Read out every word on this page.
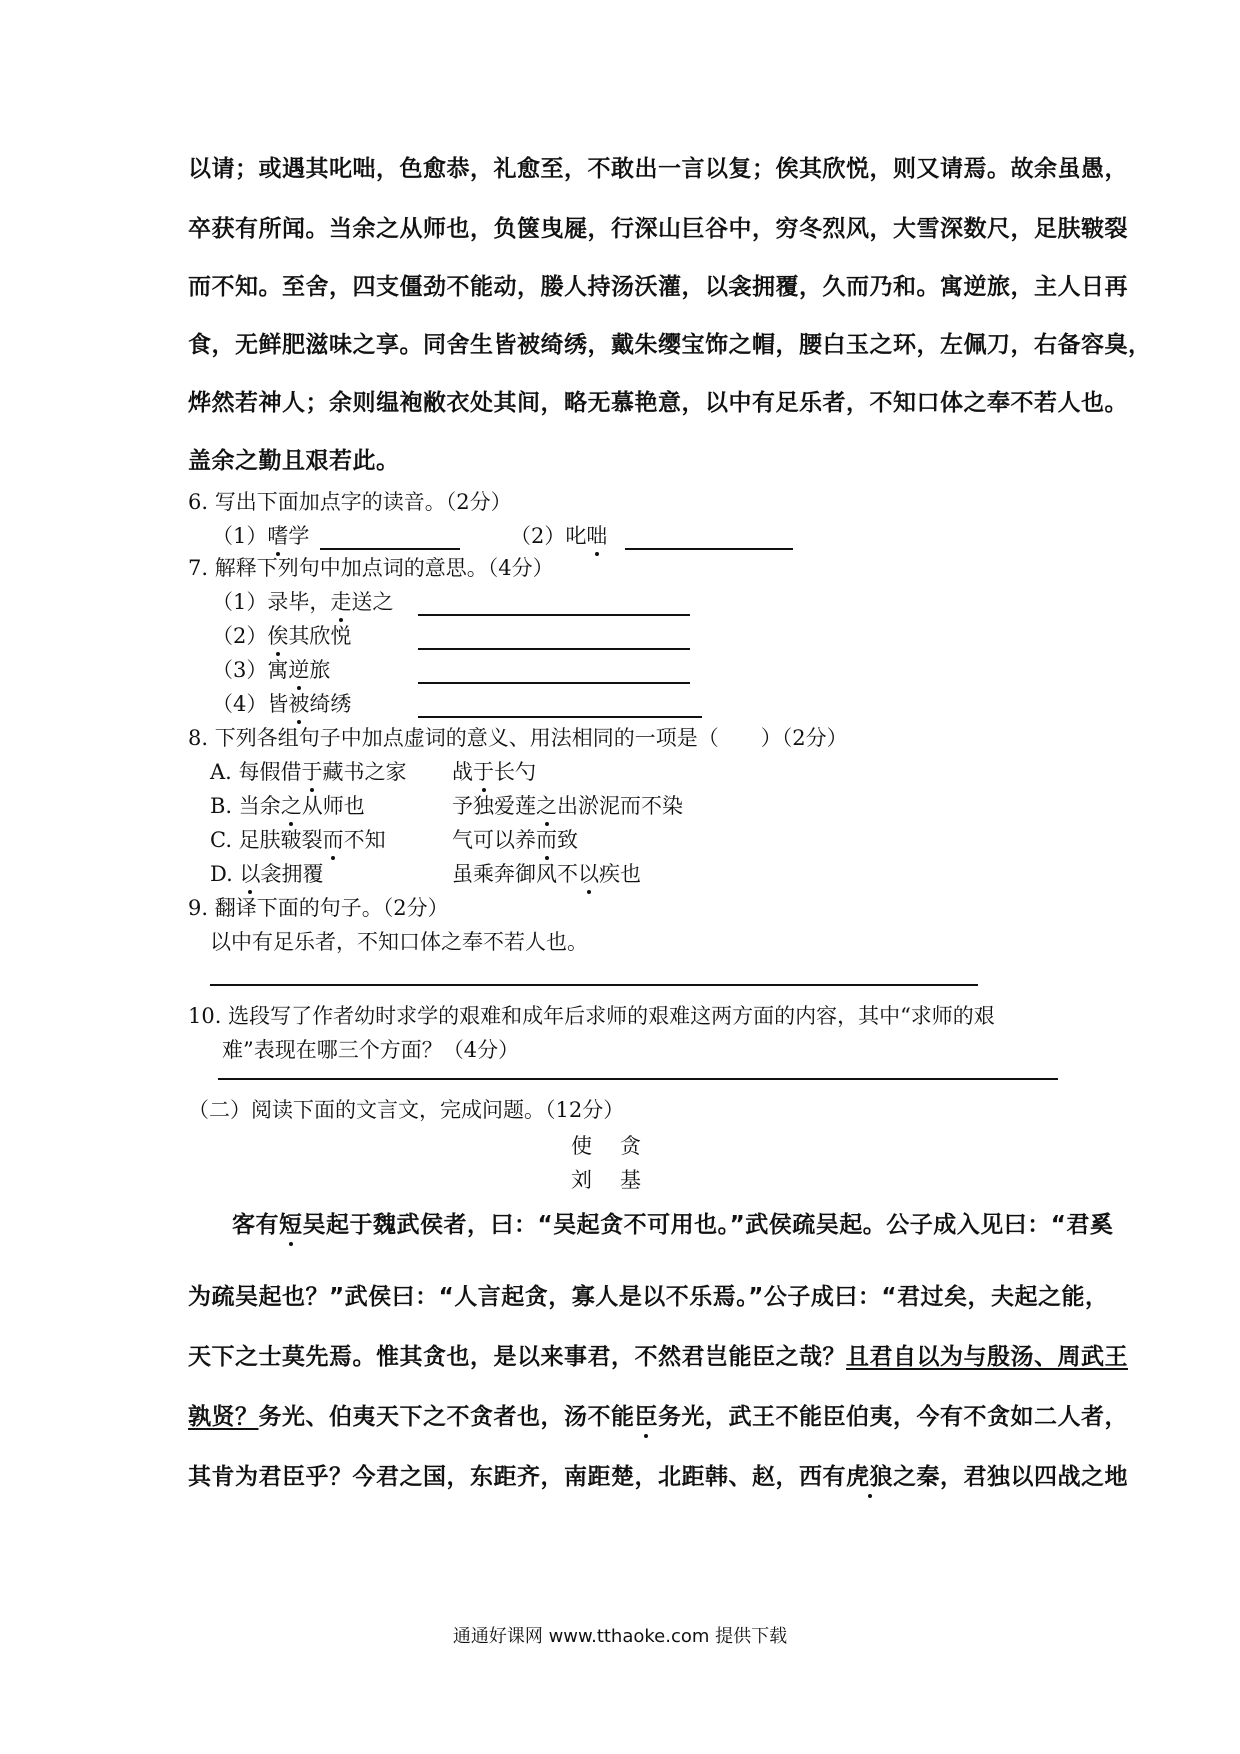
以请；或遇其叱咄，色愈恭，礼愈至，不敢出一言以复；俟其欣悦，则又请焉。故余虽愚，
卒获有所闻。当余之从师也，负箧曳屣，行深山巨谷中，穷冬烈风，大雪深数尺，足肤皲裂
而不知。至舍，四支僵劲不能动，媵人持汤沃灌，以衾拥覆，久而乃和。寓逆旅，主人日再
食，无鲜肥滋味之享。同舍生皆被绮绣，戴朱缨宝饰之帽，腰白玉之环，左佩刀，右备容臭，
烨然若神人；余则缊袍敝衣处其间，略无慕艳意，以中有足乐者，不知口体之奉不若人也。
盖余之勤且艰若此。
6. 写出下面加点字的读音。（2分）
（1）嗜学	（2）叱咄
7. 解释下列句中加点词的意思。（4分）
（1）录毕，走送之
（2）俟其欣悦
（3）寓逆旅
（4）皆被绮绣
8. 下列各组句子中加点虚词的意义、用法相同的一项是（　　）（2分）
A. 每假借于藏书之家 战于长勺
B. 当余之从师也	予独爱莲之出淤泥而不染
C. 足肤皲裂而不知	气可以养而致
D. 以衾拥覆	虽乘奔御风不以疾也
9. 翻译下面的句子。（2分）
以中有足乐者，不知口体之奉不若人也。
10. 选段写了作者幼时求学的艰难和成年后求师的艰难这两方面的内容，其中“求师的艰
难”表现在哪三个方面？（4分）
（二）阅读下面的文言文，完成问题。（12分）
使贪
刘基
客有短吴起于魏武侯者，曰：“吴起贪不可用也。”武侯疏吴起。公子成入见曰：“君奚
为疏吴起也？”武侯曰：“人言起贪，寡人是以不乐焉。”公子成曰：“君过矣，夫起之能，
天下之士莫先焉。惟其贪也，是以来事君，不然君岂能臣之哉？且君自以为与殷汤、周武王
孰贤？务光、伯夷天下之不贪者也，汤不能臣务光，武王不能臣伯夷，今有不贪如二人者，
其肯为君臣乎？今君之国，东距齐，南距楚，北距韩、赵，西有虎狼之秦，君独以四战之地
通通好课网 www.tthaoke.com 提供下载
